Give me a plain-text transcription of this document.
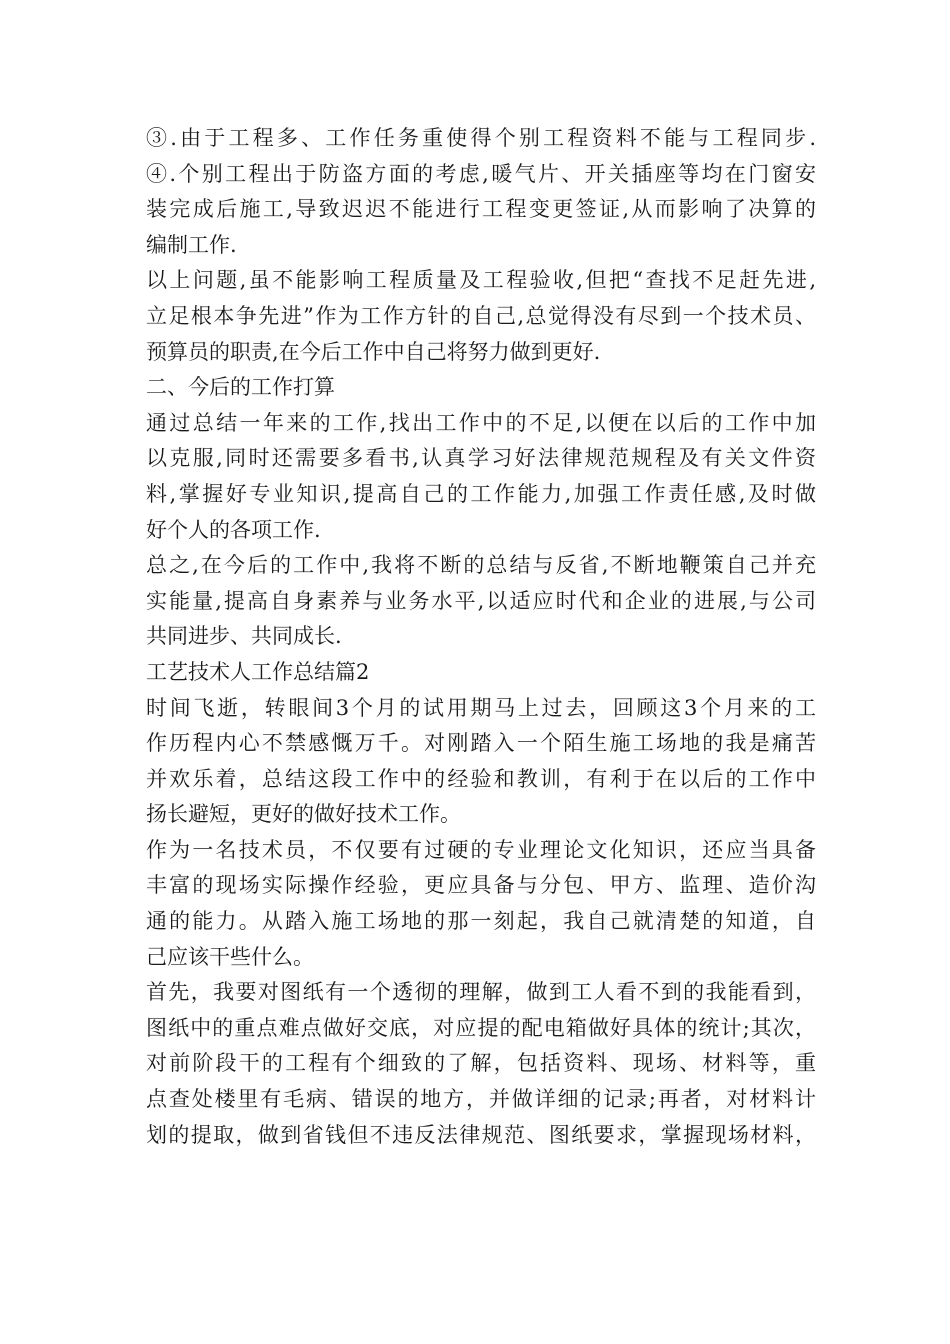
③.由于工程多、工作任务重使得个别工程资料不能与工程同步.
④.个别工程出于防盗方面的考虑,暖气片、开关插座等均在门窗安
装完成后施工,导致迟迟不能进行工程变更签证,从而影响了决算的
编制工作.
以上问题,虽不能影响工程质量及工程验收,但把“查找不足赶先进,
立足根本争先进”作为工作方针的自己,总觉得没有尽到一个技术员、
预算员的职责,在今后工作中自己将努力做到更好.
二、今后的工作打算
通过总结一年来的工作,找出工作中的不足,以便在以后的工作中加
以克服,同时还需要多看书,认真学习好法律规范规程及有关文件资
料,掌握好专业知识,提高自己的工作能力,加强工作责任感,及时做
好个人的各项工作.
总之,在今后的工作中,我将不断的总结与反省,不断地鞭策自己并充
实能量,提高自身素养与业务水平,以适应时代和企业的进展,与公司
共同进步、共同成长.
工艺技术人工作总结篇2
时间飞逝，转眼间3个月的试用期马上过去，回顾这3个月来的工
作历程内心不禁感慨万千。对刚踏入一个陌生施工场地的我是痛苦
并欢乐着，总结这段工作中的经验和教训，有利于在以后的工作中
扬长避短，更好的做好技术工作。
作为一名技术员，不仅要有过硬的专业理论文化知识，还应当具备
丰富的现场实际操作经验，更应具备与分包、甲方、监理、造价沟
通的能力。从踏入施工场地的那一刻起，我自己就清楚的知道，自
己应该干些什么。
首先，我要对图纸有一个透彻的理解，做到工人看不到的我能看到，
图纸中的重点难点做好交底，对应提的配电箱做好具体的统计;其次，
对前阶段干的工程有个细致的了解，包括资料、现场、材料等，重
点查处楼里有毛病、错误的地方，并做详细的记录;再者，对材料计
划的提取，做到省钱但不违反法律规范、图纸要求，掌握现场材料，
